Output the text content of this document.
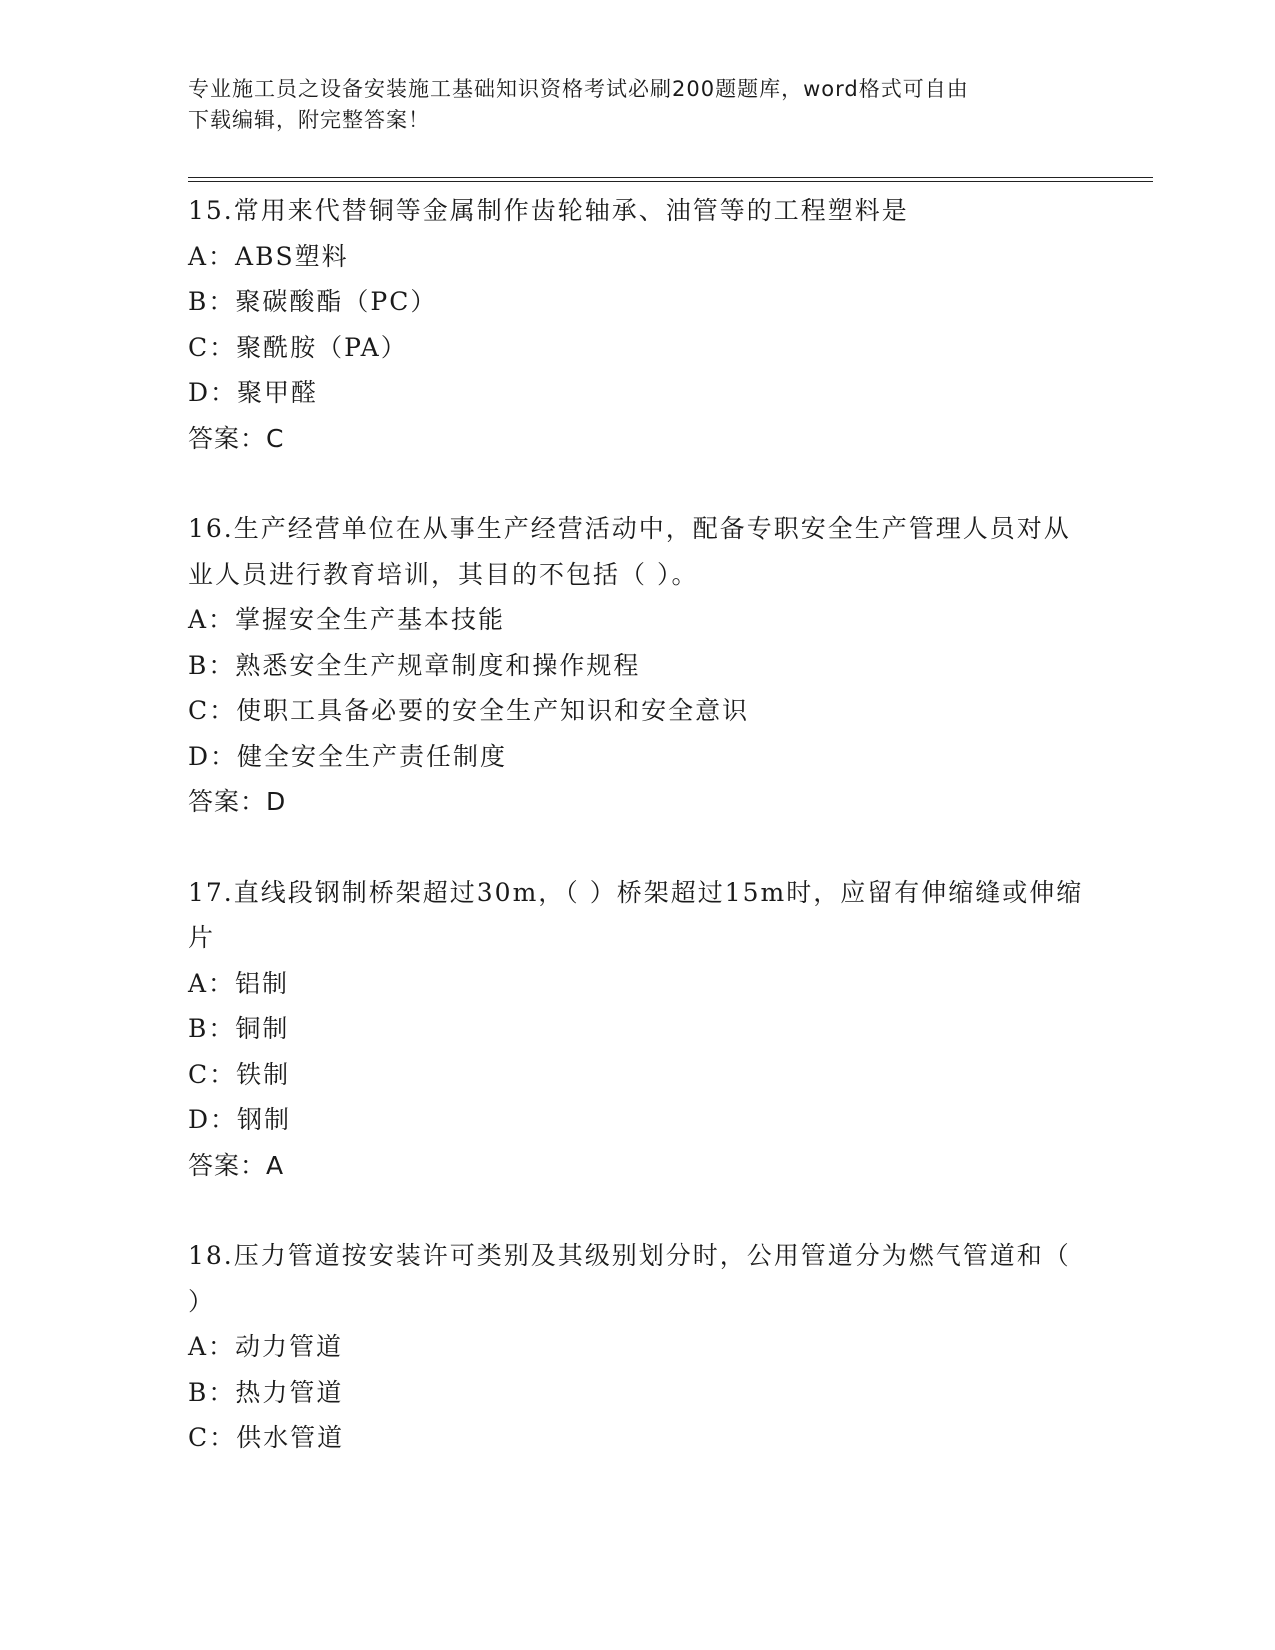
专业施工员之设备安装施工基础知识资格考试必刷200题题库，word格式可自由
下载编辑，附完整答案！

15.常用来代替铜等金属制作齿轮轴承、油管等的工程塑料是

A：ABS塑料

B：聚碳酸酯（PC）

C：聚酰胺（PA）

D：聚甲醛

答案：C

16.生产经营单位在从事生产经营活动中，配备专职安全生产管理人员对从业人员进行教育培训，其目的不包括（ ）。

A：掌握安全生产基本技能

B：熟悉安全生产规章制度和操作规程

C：使职工具备必要的安全生产知识和安全意识

D：健全安全生产责任制度

答案：D

17.直线段钢制桥架超过30m，（ ）桥架超过15m时，应留有伸缩缝或伸缩片

A：铝制

B：铜制

C：铁制

D：钢制

答案：A

18.压力管道按安装许可类别及其级别划分时，公用管道分为燃气管道和（ ）

A：动力管道

B：热力管道

C：供水管道
